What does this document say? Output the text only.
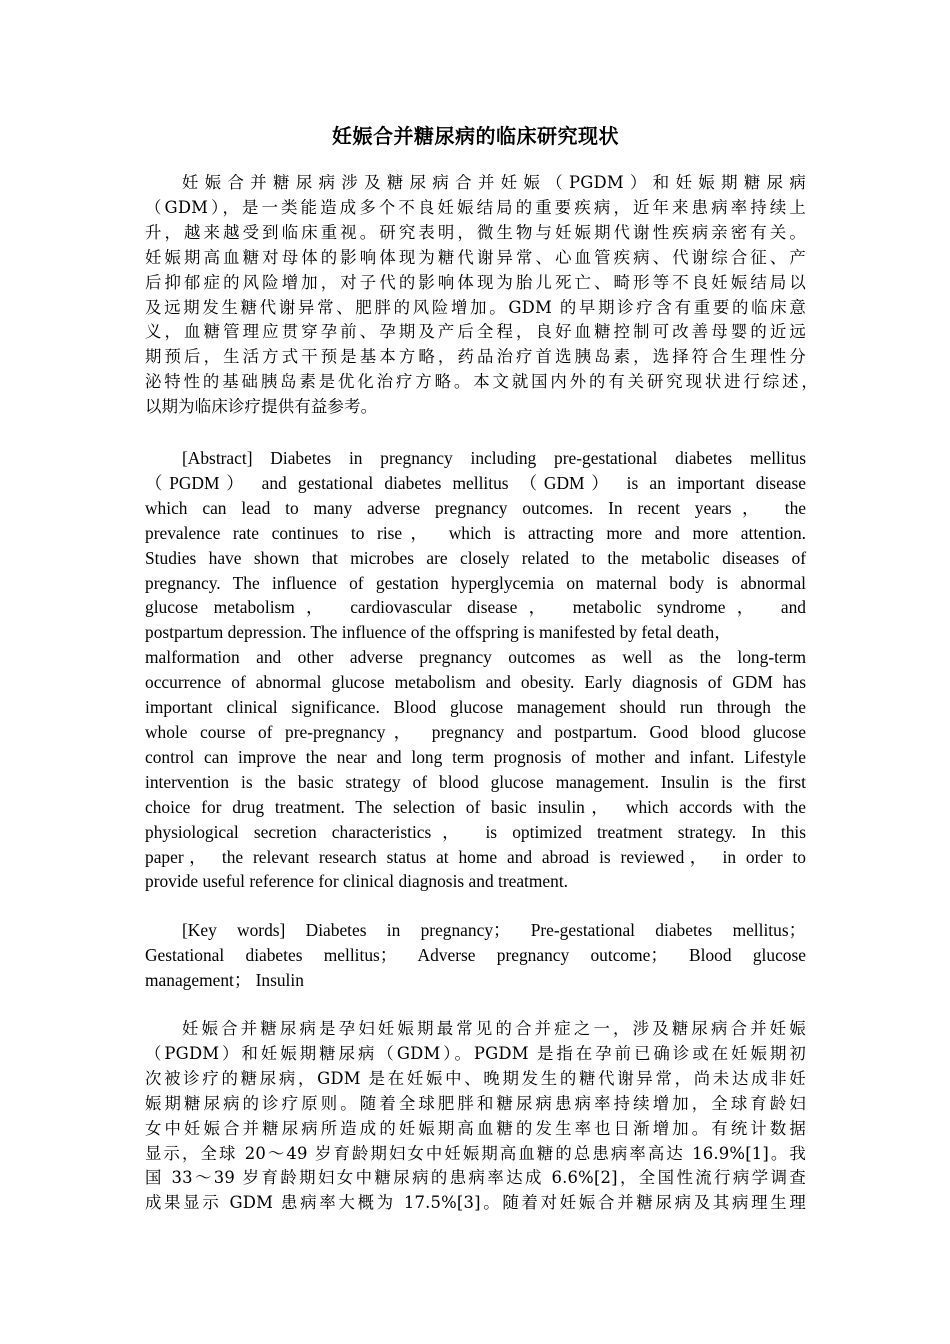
妊娠合并糖尿病的临床研究现状
妊娠合并糖尿病涉及糖尿病合并妊娠（PGDM）和妊娠期糖尿病
（GDM），是一类能造成多个不良妊娠结局的重要疾病，近年来患病率持续上
升，越来越受到临床重视。研究表明，微生物与妊娠期代谢性疾病亲密有关。
妊娠期高血糖对母体的影响体现为糖代谢异常、心血管疾病、代谢综合征、产
后抑郁症的风险增加，对子代的影响体现为胎儿死亡、畸形等不良妊娠结局以
及远期发生糖代谢异常、肥胖的风险增加。GDM 的早期诊疗含有重要的临床意
义，血糖管理应贯穿孕前、孕期及产后全程，良好血糖控制可改善母婴的近远
期预后，生活方式干预是基本方略，药品治疗首选胰岛素，选择符合生理性分
泌特性的基础胰岛素是优化治疗方略。本文就国内外的有关研究现状进行综述，
以期为临床诊疗提供有益参考。
[Abstract] Diabetes in pregnancy including pre-gestational diabetes mellitus
（PGDM） and gestational diabetes mellitus （GDM） is an important disease
which can lead to many adverse pregnancy outcomes. In recent years， the
prevalence rate continues to rise， which is attracting more and more attention.
Studies have shown that microbes are closely related to the metabolic diseases of
pregnancy. The influence of gestation hyperglycemia on maternal body is abnormal
glucose metabolism， cardiovascular disease， metabolic syndrome， and
postpartum depression. The influence of the offspring is manifested by fetal death，
malformation and other adverse pregnancy outcomes as well as the long-term
occurrence of abnormal glucose metabolism and obesity. Early diagnosis of GDM has
important clinical significance. Blood glucose management should run through the
whole course of pre-pregnancy， pregnancy and postpartum. Good blood glucose
control can improve the near and long term prognosis of mother and infant. Lifestyle
intervention is the basic strategy of blood glucose management. Insulin is the first
choice for drug treatment. The selection of basic insulin， which accords with the
physiological secretion characteristics， is optimized treatment strategy. In this
paper， the relevant research status at home and abroad is reviewed， in order to
provide useful reference for clinical diagnosis and treatment.
[Key words] Diabetes in pregnancy； Pre-gestational diabetes mellitus；
Gestational diabetes mellitus； Adverse pregnancy outcome； Blood glucose
management； Insulin
妊娠合并糖尿病是孕妇妊娠期最常见的合并症之一，涉及糖尿病合并妊娠
（PGDM）和妊娠期糖尿病（GDM）。PGDM 是指在孕前已确诊或在妊娠期初
次被诊疗的糖尿病，GDM 是在妊娠中、晚期发生的糖代谢异常，尚未达成非妊
娠期糖尿病的诊疗原则。随着全球肥胖和糖尿病患病率持续增加，全球育龄妇
女中妊娠合并糖尿病所造成的妊娠期高血糖的发生率也日渐增加。有统计数据
显示，全球 20～49 岁育龄期妇女中妊娠期高血糖的总患病率高达 16.9%[1]。我
国 33～39 岁育龄期妇女中糖尿病的患病率达成 6.6%[2]，全国性流行病学调查
成果显示 GDM 患病率大概为 17.5%[3]。随着对妊娠合并糖尿病及其病理生理
